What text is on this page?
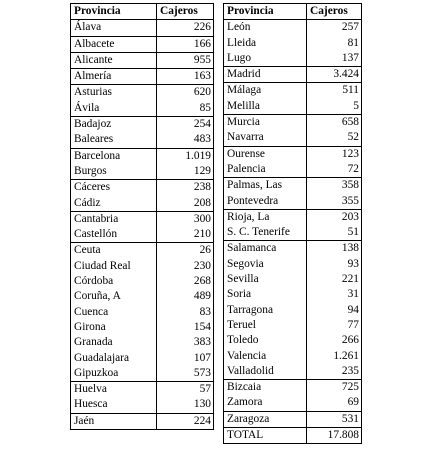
Provincia	Cajeros
Álava	226
Albacete	166
Alicante	955
Almería	163
Asturias	620
Ávila	85
Badajoz	254
Baleares	483
Barcelona	1.019
Burgos	129
Cáceres	238
Cádiz	208
Cantabria	300
Castellón	210
Ceuta	26
Ciudad Real	230
Córdoba	268
Coruña, A	489
Cuenca	83
Girona	154
Granada	383
Guadalajara	107
Gipuzkoa	573
Huelva	57
Huesca	130
Jaén	224
Provincia	Cajeros
León	257
Lleida	81
Lugo	137
Madrid	3.424
Málaga	511
Melilla	5
Murcia	658
Navarra	52
Ourense	123
Palencia	72
Palmas, Las	358
Pontevedra	355
Rioja, La	203
S. C. Tenerife	51
Salamanca	138
Segovia	93
Sevilla	221
Soria	31
Tarragona	94
Teruel	77
Toledo	266
Valencia	1.261
Valladolid	235
Bizcaia	725
Zamora	69
Zaragoza	531
TOTAL	17.808
